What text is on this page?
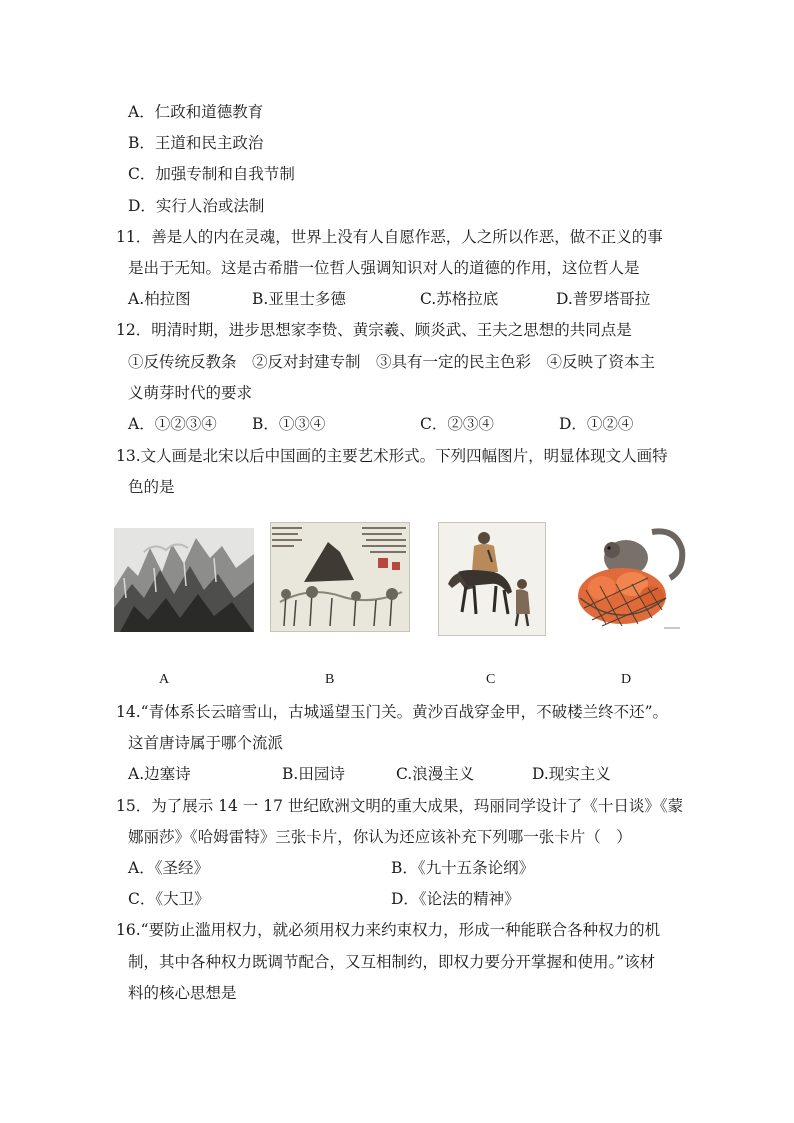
A．仁政和道德教育
B．王道和民主政治
C．加强专制和自我节制
D．实行人治或法制
11．善是人的内在灵魂，世界上没有人自愿作恶，人之所以作恶，做不正义的事
是出于无知。这是古希腊一位哲人强调知识对人的道德的作用，这位哲人是
A.柏拉图	B.亚里士多德	C.苏格拉底	D.普罗塔哥拉
12．明清时期，进步思想家李贽、黄宗羲、顾炎武、王夫之思想的共同点是
①反传统反教条　②反对封建专制　③具有一定的民主色彩　④反映了资本主
义萌芽时代的要求
A．①②③④ B．①③④	C．②③④	D．①②④
13.文人画是北宋以后中国画的主要艺术形式。下列四幅图片，明显体现文人画特
色的是
A	B	C	D
14.“青体系长云暗雪山，古城遥望玉门关。黄沙百战穿金甲，不破楼兰终不还”。
这首唐诗属于哪个流派
A.边塞诗	B.田园诗	C.浪漫主义	D.现实主义
15．为了展示 14 一 17 世纪欧洲文明的重大成果，玛丽同学设计了《十日谈》《蒙
娜丽莎》《哈姆雷特》三张卡片，你认为还应该补充下列哪一张卡片（　）
A．《圣经》	B．《九十五条论纲》
C．《大卫》	D．《论法的精神》
16.“要防止滥用权力，就必须用权力来约束权力，形成一种能联合各种权力的机
制，其中各种权力既调节配合，又互相制约，即权力要分开掌握和使用。”该材
料的核心思想是
